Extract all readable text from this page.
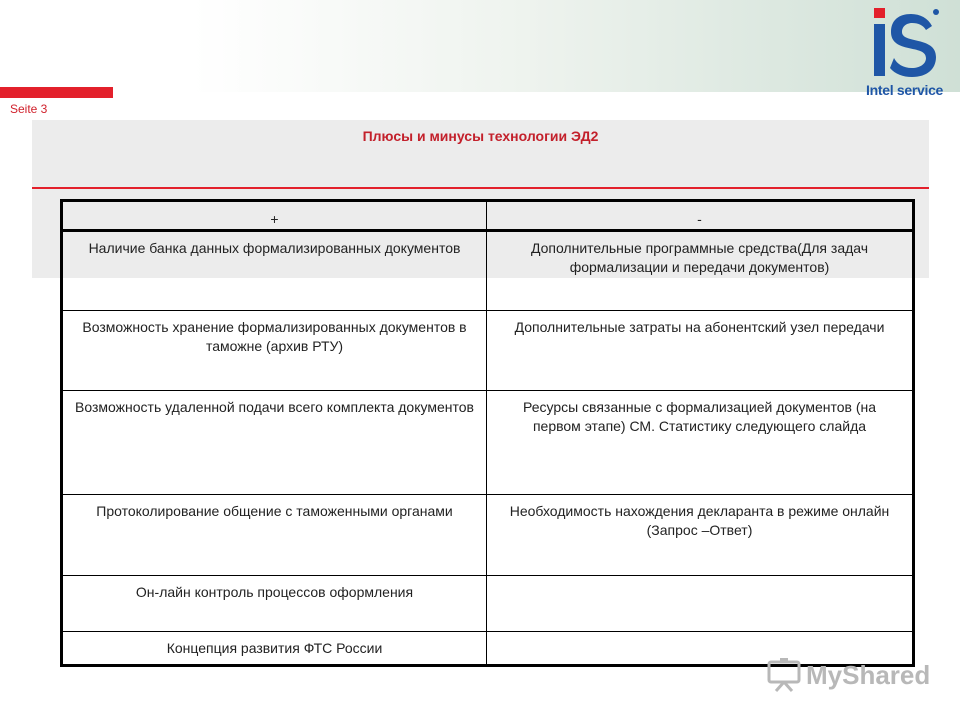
Seite 3
Intel service
Плюсы и минусы технологии ЭД2
+	-
Наличие банка данных формализированных документов	Дополнительные программные средства(Для задач формализации и передачи документов)
Возможность хранение формализированных документов в таможне (архив РТУ)	Дополнительные затраты на абонентский узел передачи
Возможность удаленной подачи всего комплекта документов	Ресурсы связанные с формализацией документов (на первом этапе) СМ. Статистику следующего слайда
Протоколирование общение с таможенными органами	Необходимость нахождения декларанта в режиме онлайн (Запрос –Ответ)
Он-лайн контроль процессов оформления	
Концепция развития ФТС России	
MyShared
